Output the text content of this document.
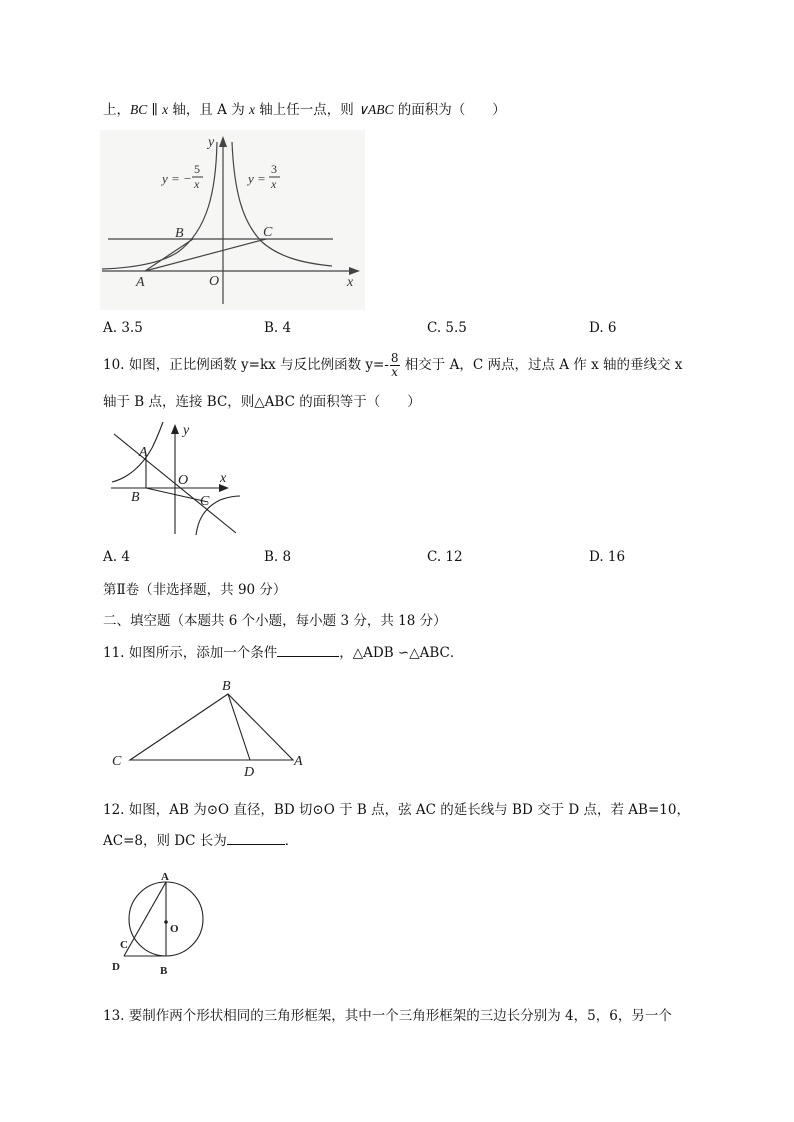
上，BC ∥ x 轴，且 A 为 x 轴上任一点，则 ∨ABC 的面积为（　　）
y
x
O
A
B	C
y = −
5
x	y =
3
x
A. 3.5	B. 4	C. 5.5	D. 6
10. 如图，正比例函数 y=kx 与反比例函数 $y=- \frac{8}{x}$ 相交于 A，C 两点，过点 A 作 x 轴的垂线交 x
轴于 B 点，连接 BC，则△ABC 的面积等于（　　）
A
B
O
C
x
y
A. 4	B. 8	C. 12	D. 16
第Ⅱ卷（非选择题，共 90 分）
二、填空题（本题共 6 个小题，每小题 3 分，共 18 分）
11. 如图所示，添加一个条件	，△ADB ∽△ABC．
B
C
D
A
12. 如图，AB 为⊙O 直径，BD 切⊙O 于 B 点，弦 AC 的延长线与 BD 交于 D 点，若 AB=10，
AC=8，则 DC 长为	．
A
O
C
D	B
13. 要制作两个形状相同的三角形框架，其中一个三角形框架的三边长分别为 4，5，6，另一个
